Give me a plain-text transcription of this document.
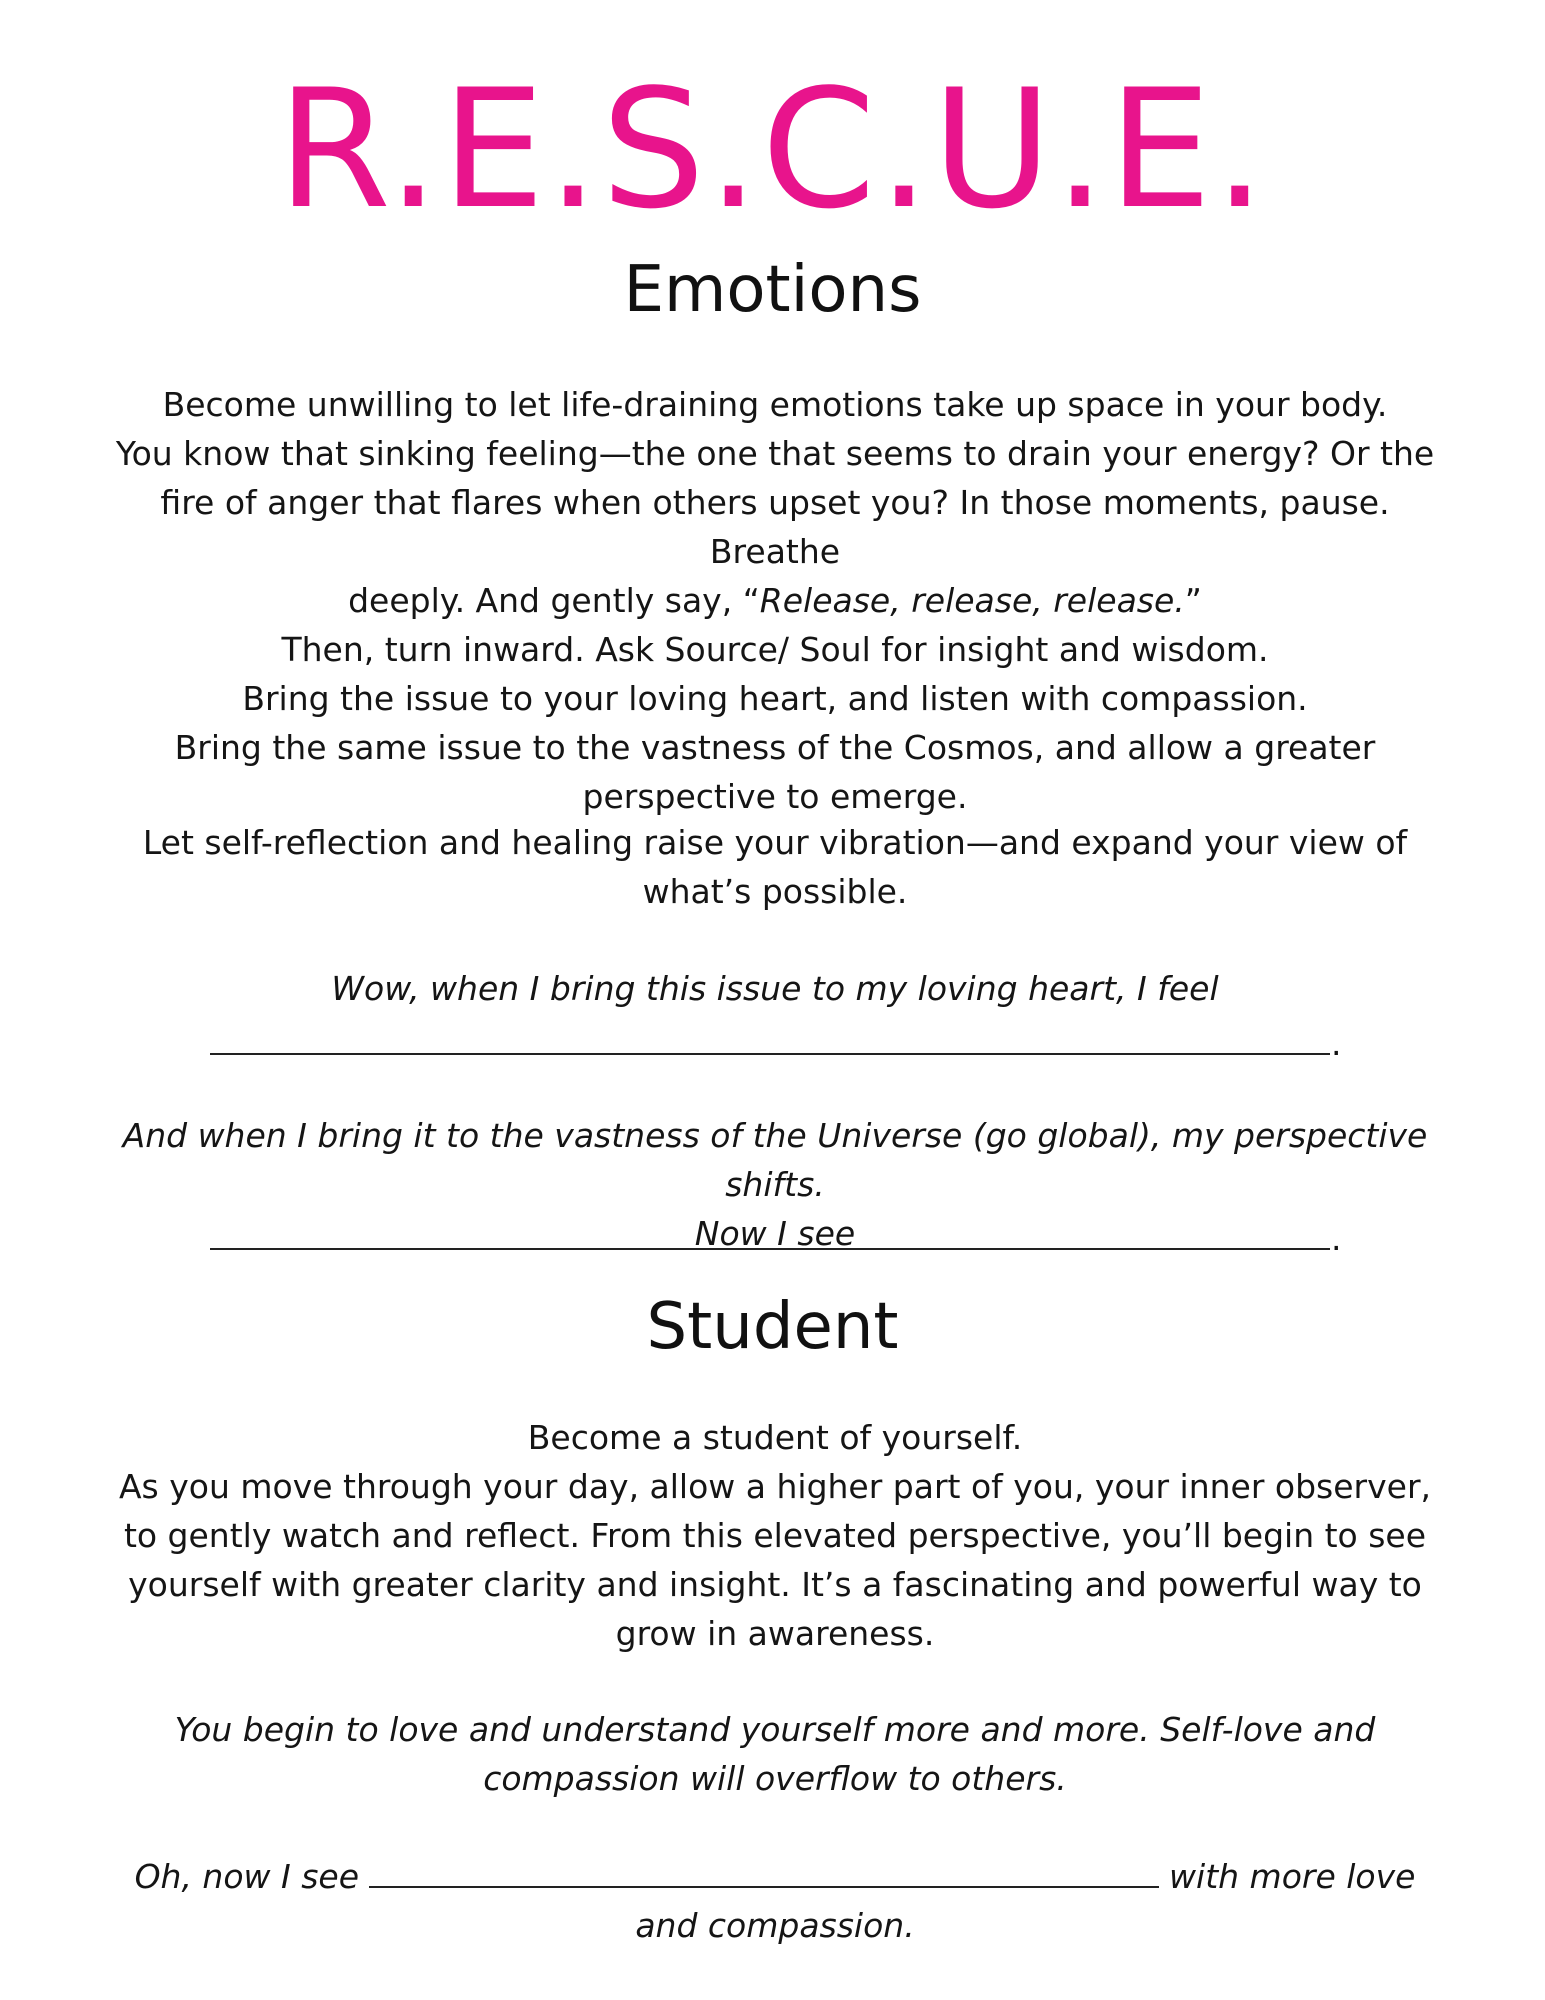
R.E.S.C.U.E.
Emotions

Become unwilling to let life-draining emotions take up space in your body.

You know that sinking feeling—the one that seems to drain your energy? Or the

fire of anger that flares when others upset you? In those moments, pause. Breathe

deeply. And gently say, “Release, release, release.”

Then, turn inward. Ask Source/ Soul for insight and wisdom.

Bring the issue to your loving heart, and listen with compassion.

Bring the same issue to the vastness of the Cosmos, and allow a greater

perspective to emerge.

Let self-reflection and healing raise your vibration—and expand your view of

what’s possible.

Wow, when I bring this issue to my loving heart, I feel

.

And when I bring it to the vastness of the Universe (go global), my perspective shifts.

Now I see	.
Student

Become a student of yourself.

As you move through your day, allow a higher part of you, your inner observer,

to gently watch and reflect. From this elevated perspective, you’ll begin to see

yourself with greater clarity and insight. It’s a fascinating and powerful way to

grow in awareness.

You begin to love and understand yourself more and more. Self-love and

compassion will overflow to others.

Oh, now I see	with more love

and compassion.
